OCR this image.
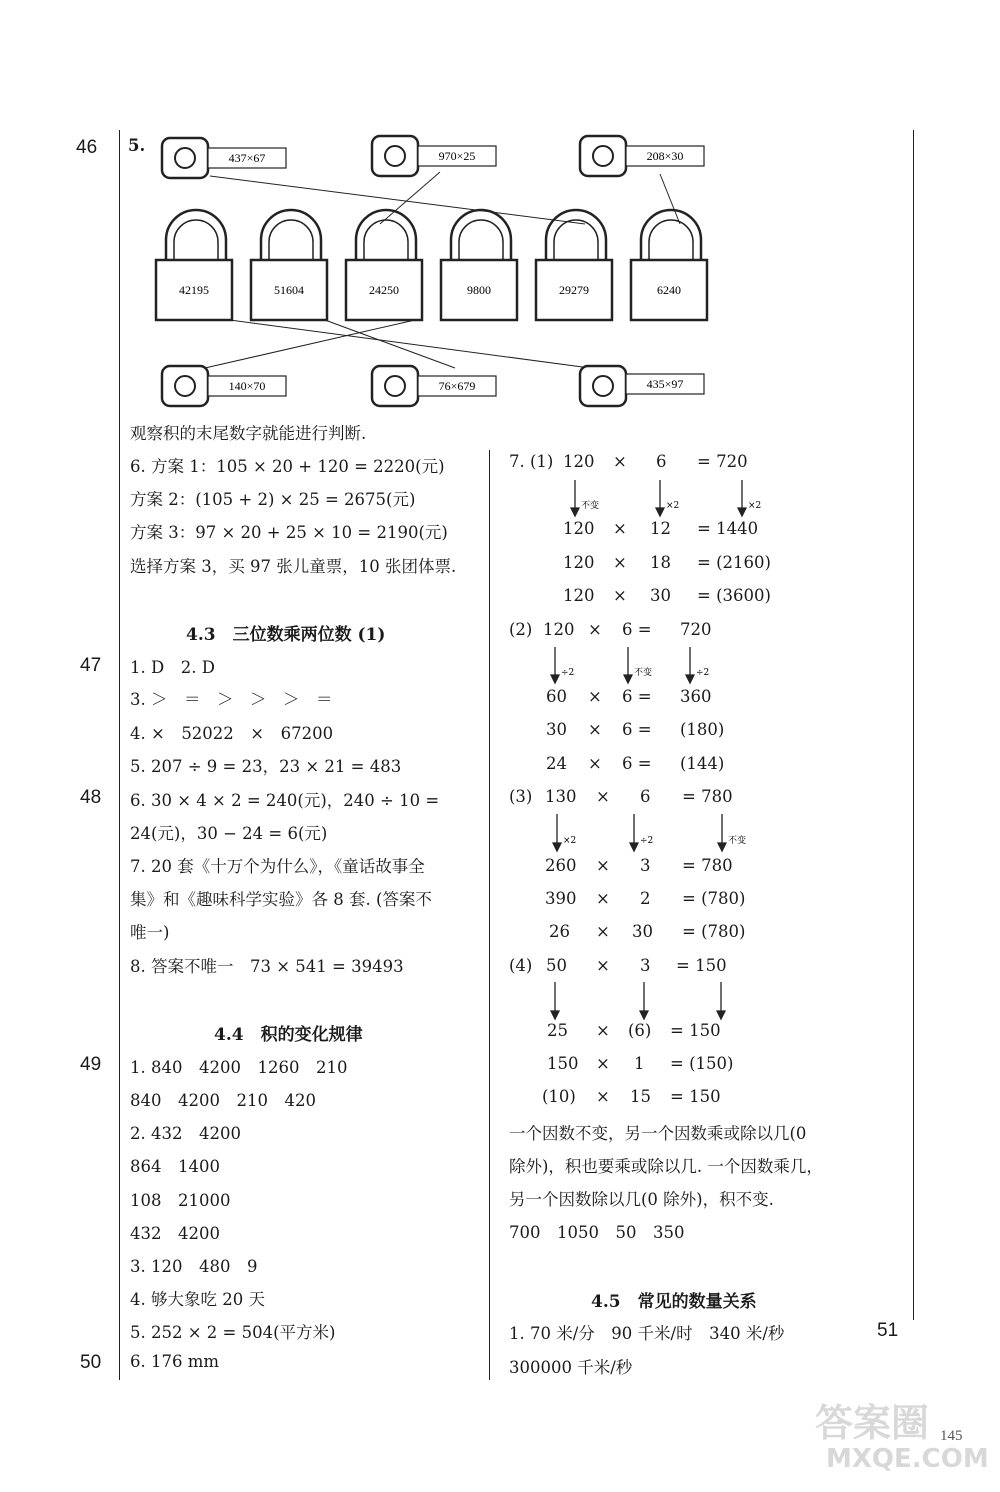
46
47
48
49
50
51
5.
437×67	970×25	208×30
42195	51604	24250	9800	29279	6240
140×70	76×679	435×97
观察积的末尾数字就能进行判断.
6. 方案 1：105 × 20 + 120 = 2220(元)
方案 2：(105 + 2) × 25 = 2675(元)
方案 3：97 × 20 + 25 × 10 = 2190(元)
选择方案 3，买 97 张儿童票，10 张团体票.
4.3　三位数乘两位数 (1)
1. D　2. D
3. ＞　＝　＞　＞　＞　＝
4. ×　52022　×　67200
5. 207 ÷ 9 = 23，23 × 21 = 483
6. 30 × 4 × 2 = 240(元)，240 ÷ 10 =
24(元)，30 − 24 = 6(元)
7. 20 套《十万个为什么》，《童话故事全
集》和《趣味科学实验》各 8 套. (答案不
唯一)
8. 答案不唯一　73 × 541 = 39493
4.4　积的变化规律
1. 840　4200　1260　210
840　4200　210　420
2. 432　4200
864　1400
108　21000
432　4200
3. 120　480　9
4. 够大象吃 20 天
5. 252 × 2 = 504(平方米)
6. 176 mm
7. (1) 120 × 6 = 720
不变	×2	×2
120 × 12 = 1440
120 × 18 = (2160)
120 × 30 = (3600)
(2) 120 × 6 = 720
÷2	不变	÷2
60 × 6 = 360
30 × 6 = (180)
24 × 6 = (144)
(3) 130 × 6 = 780
×2	÷2	不变
260 × 3 = 780
390 × 2 = (780)
26 × 30 = (780)
(4) 50 × 3 = 150
25 × (6) = 150
150 × 1 = (150)
(10) × 15 = 150
一个因数不变，另一个因数乘或除以几(0
除外)，积也要乘或除以几. 一个因数乘几，
另一个因数除以几(0 除外)，积不变.
700　1050　50　350
4.5　常见的数量关系
1. 70 米/分　90 千米/时　340 米/秒
300000 千米/秒
145
答案圈
MXQE.COM
